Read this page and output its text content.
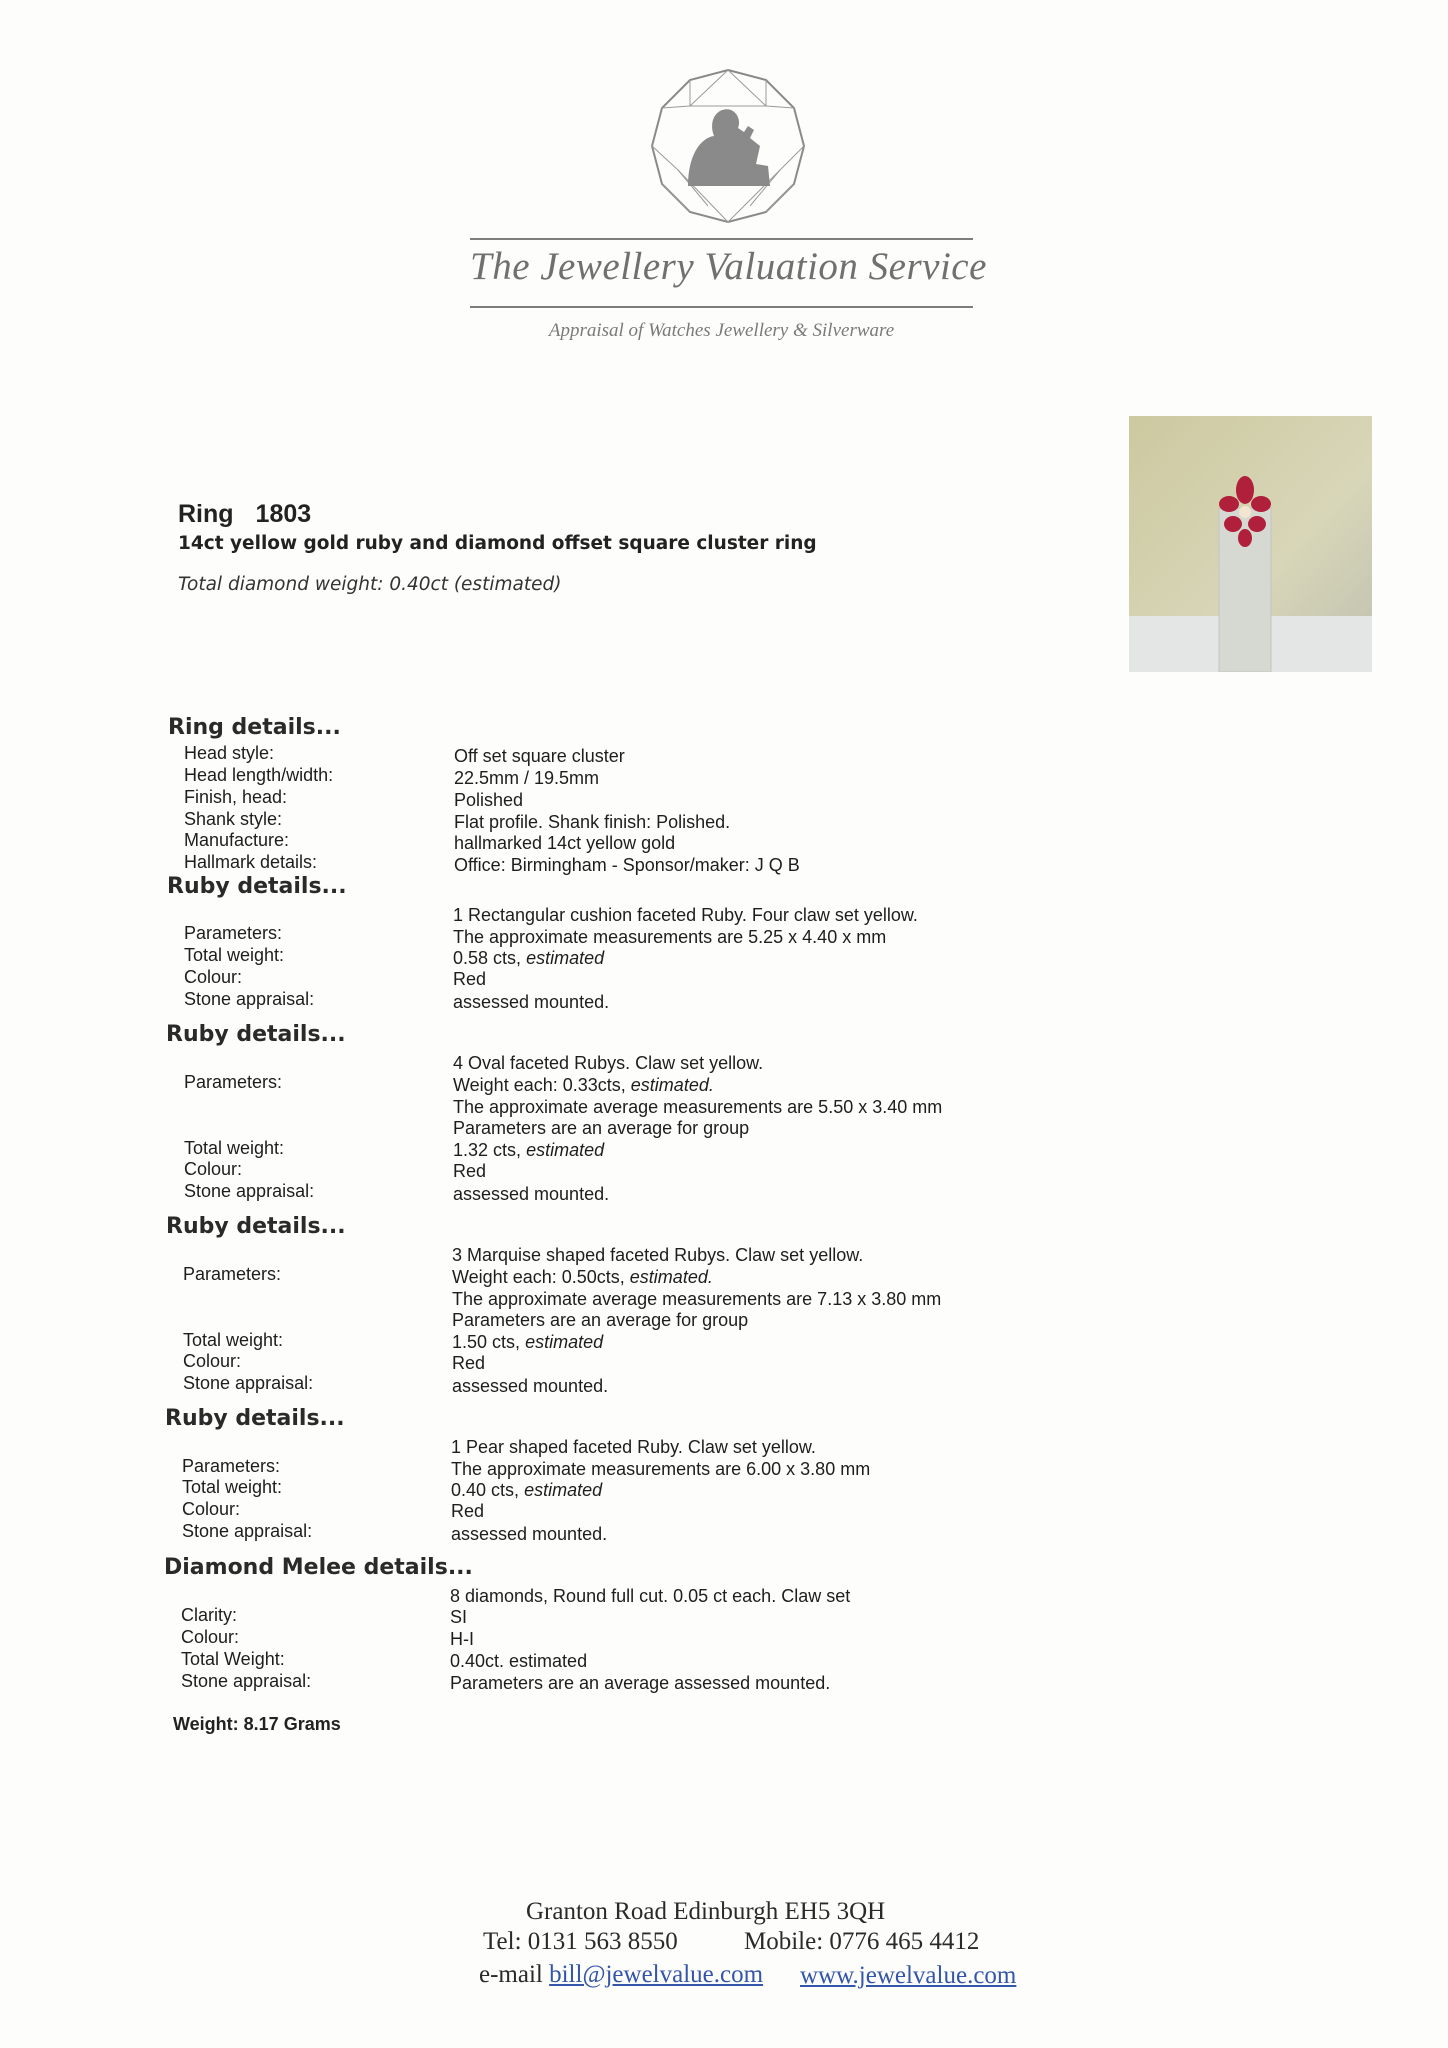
The Jewellery Valuation Service
Appraisal of Watches Jewellery & Silverware
Ring 1803
14ct yellow gold ruby and diamond offset square cluster ring
Total diamond weight: 0.40ct (estimated)
Ring details...
Head style:	Off set square cluster
Head length/width:	22.5mm / 19.5mm
Finish, head:	Polished
Shank style:	Flat profile. Shank finish: Polished.
Manufacture:	hallmarked 14ct yellow gold
Hallmark details:	Office: Birmingham - Sponsor/maker: J Q B
Ruby details...
1 Rectangular cushion faceted Ruby. Four claw set yellow.
Parameters:	The approximate measurements are 5.25 x 4.40 x mm
Total weight:	0.58 cts, estimated
Colour:	Red
Stone appraisal:	assessed mounted.
Ruby details...
4 Oval faceted Rubys. Claw set yellow.
Parameters:	Weight each: 0.33cts, estimated.
The approximate average measurements are 5.50 x 3.40 mm
Parameters are an average for group
Total weight:	1.32 cts, estimated
Colour:	Red
Stone appraisal:	assessed mounted.
Ruby details...
3 Marquise shaped faceted Rubys. Claw set yellow.
Parameters:	Weight each: 0.50cts, estimated.
The approximate average measurements are 7.13 x 3.80 mm
Parameters are an average for group
Total weight:	1.50 cts, estimated
Colour:	Red
Stone appraisal:	assessed mounted.
Ruby details...
1 Pear shaped faceted Ruby. Claw set yellow.
Parameters:	The approximate measurements are 6.00 x 3.80 mm
Total weight:	0.40 cts, estimated
Colour:	Red
Stone appraisal:	assessed mounted.
Diamond Melee details...
8 diamonds, Round full cut. 0.05 ct each. Claw set
Clarity:	SI
Colour:	H-I
Total Weight:	0.40ct. estimated
Stone appraisal:	Parameters are an average assessed mounted.
Weight: 8.17 Grams
Granton Road Edinburgh EH5 3QH
Tel: 0131 563 8550	Mobile: 0776 465 4412
e-mail bill@jewelvalue.com www.jewelvalue.com
